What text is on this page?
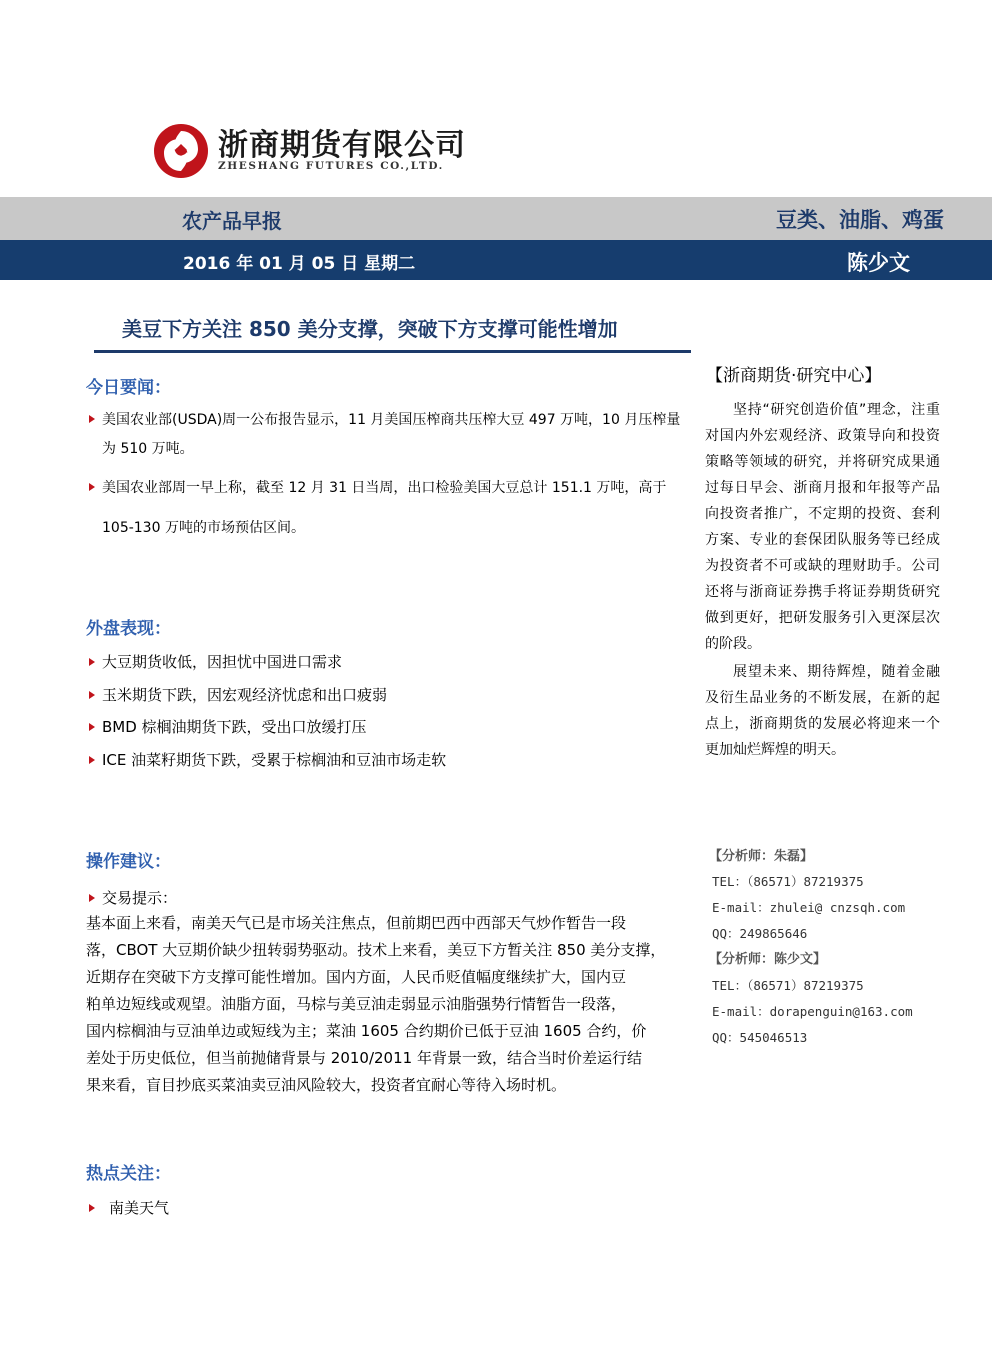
浙商期货有限公司
ZHESHANG FUTURES CO.,LTD.
农产品早报	豆类、油脂、鸡蛋
2016 年 01 月 05 日 星期二	陈少文
美豆下方关注 850 美分支撑，突破下方支撑可能性增加
今日要闻：
美国农业部(USDA)周一公布报告显示，11 月美国压榨商共压榨大豆 497 万吨，10 月压榨量
为 510 万吨。
美国农业部周一早上称，截至 12 月 31 日当周，出口检验美国大豆总计 151.1 万吨，高于
105-130 万吨的市场预估区间。
外盘表现：
大豆期货收低，因担忧中国进口需求
玉米期货下跌，因宏观经济忧虑和出口疲弱
BMD 棕榈油期货下跌，受出口放缓打压
ICE 油菜籽期货下跌，受累于棕榈油和豆油市场走软
操作建议：
交易提示：
基本面上来看，南美天气已是市场关注焦点，但前期巴西中西部天气炒作暂告一段
落，CBOT 大豆期价缺少扭转弱势驱动。技术上来看，美豆下方暂关注 850 美分支撑，
近期存在突破下方支撑可能性增加。国内方面，人民币贬值幅度继续扩大，国内豆
粕单边短线或观望。油脂方面，马棕与美豆油走弱显示油脂强势行情暂告一段落，
国内棕榈油与豆油单边或短线为主；菜油 1605 合约期价已低于豆油 1605 合约，价
差处于历史低位，但当前抛储背景与 2010/2011 年背景一致，结合当时价差运行结
果来看，盲目抄底买菜油卖豆油风险较大，投资者宜耐心等待入场时机。
热点关注：
南美天气
【浙商期货·研究中心】
坚持“研究创造价值”理念，注重对国内外宏观经济、政策导向和投资策略等领域的研究，并将研究成果通过每日早会、浙商月报和年报等产品向投资者推广，不定期的投资、套利方案、专业的套保团队服务等已经成为投资者不可或缺的理财助手。公司还将与浙商证券携手将证券期货研究做到更好，把研发服务引入更深层次的阶段。
展望未来、期待辉煌，随着金融及衍生品业务的不断发展，在新的起点上，浙商期货的发展必将迎来一个更加灿烂辉煌的明天。
【分析师：朱磊】
TEL：（86571）87219375
E-mail：zhulei@ cnzsqh.com
QQ：249865646
【分析师：陈少文】
TEL：（86571）87219375
E-mail：dorapenguin@163.com
QQ：545046513
